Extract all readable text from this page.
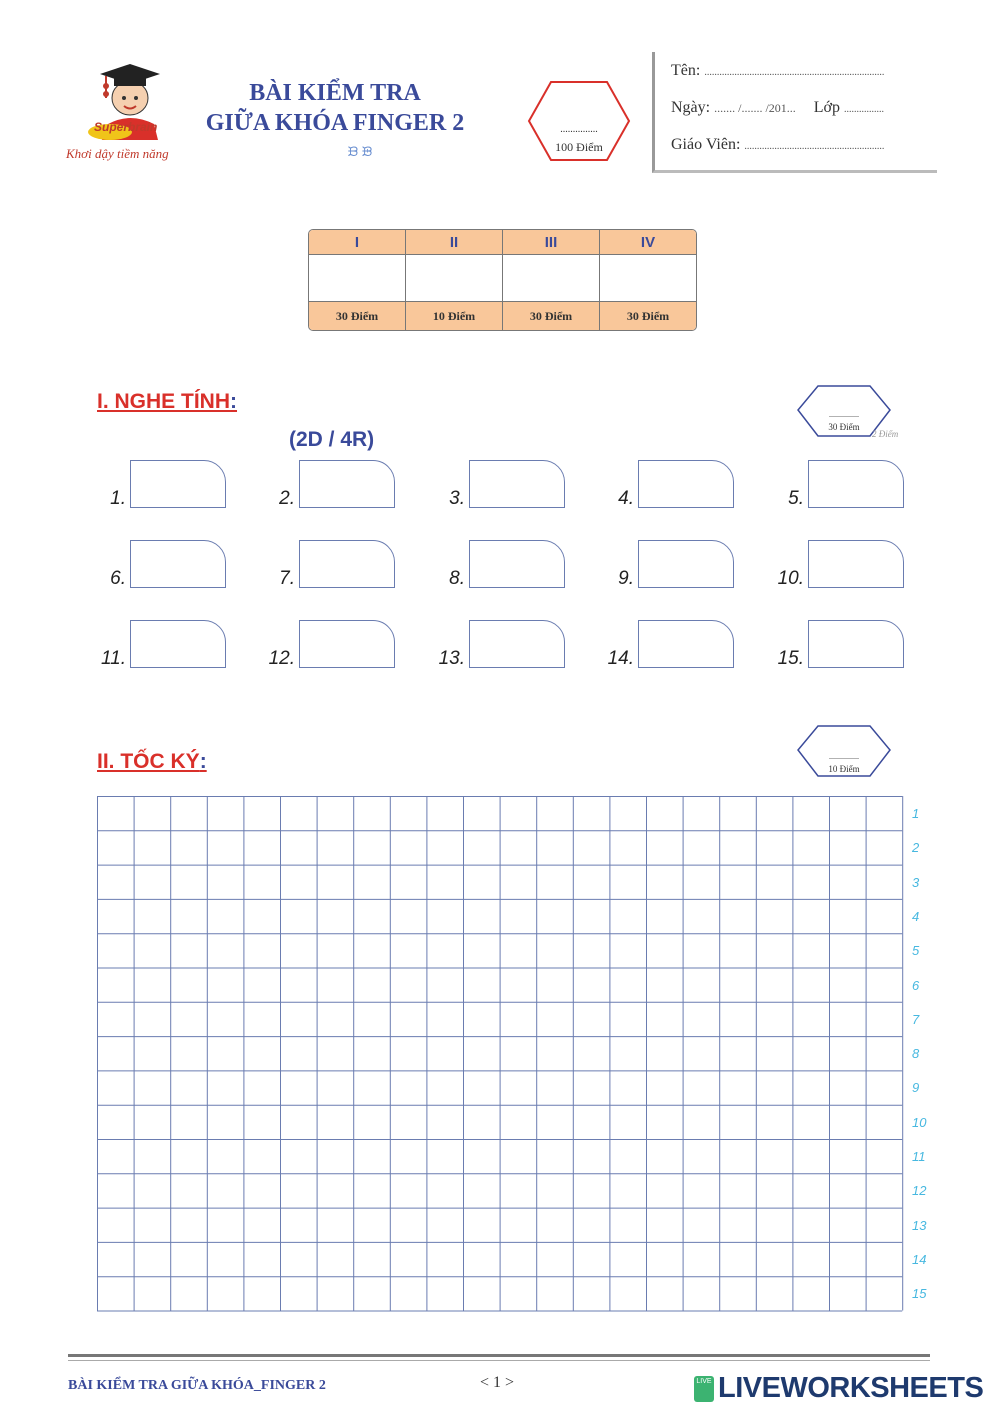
Superbrain
Khơi dậy tiềm năng
BÀI KIỂM TRA
GIỮA KHÓA FINGER 2
ᙖ ᙗ
...............
100 Điểm
Tên: ........................................................................
Ngày: ....... /....... /201... Lớp ................
Giáo Viên: ........................................................
I	II	III	IV

30 Điểm	10 Điểm	30 Điểm	30 Điểm
I. NGHE TÍNH:
(2D / 4R)
...............
30 Điểm
2 Điểm
1.	2.	3.	4.	5.
6.	7.	8.	9.	10.
11.	12.	13.	14.	15.
II. TỐC KÝ:	...............
10 Điểm
1
2
3
4
5
6
7
8
9
10
11
12
13
14
15
BÀI KIỂM TRA GIỮA KHÓA_FINGER 2	< 1 >	LIVE LIVEWORKSHEETS
